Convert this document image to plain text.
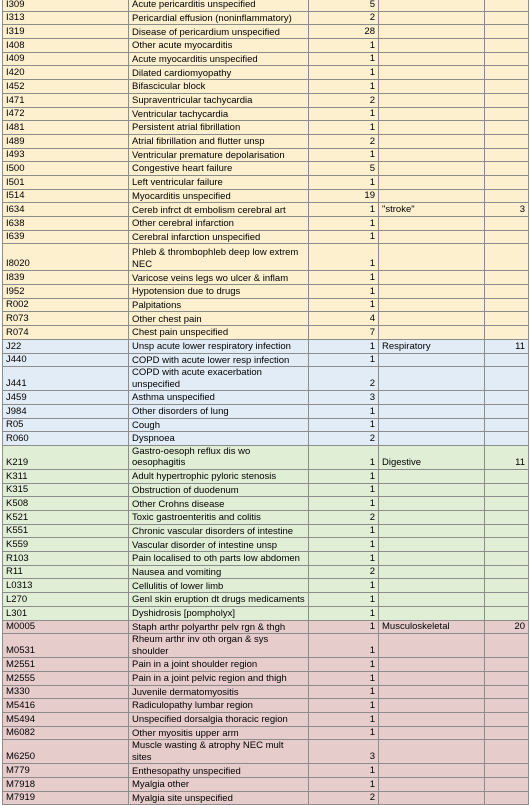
I309	Acute pericarditis unspecified	5		
I313	Pericardial effusion (noninflammatory)	2		
I319	Disease of pericardium unspecified	28		
I408	Other acute myocarditis	1		
I409	Acute myocarditis unspecified	1		
I420	Dilated cardiomyopathy	1		
I452	Bifascicular block	1		
I471	Supraventricular tachycardia	2		
I472	Ventricular tachycardia	1		
I481	Persistent atrial fibrillation	1		
I489	Atrial fibrillation and flutter unsp	2		
I493	Ventricular premature depolarisation	1		
I500	Congestive heart failure	5		
I501	Left ventricular failure	1		
I514	Myocarditis unspecified	19		
I634	Cereb infrct dt embolism cerebral art	1	"stroke"	3
I638	Other cerebral infarction	1		
I639	Cerebral infarction unspecified	1		
I8020	Phleb & thrombophleb deep low extrem NEC	1		
I839	Varicose veins legs wo ulcer & inflam	1		
I952	Hypotension due to drugs	1		
R002	Palpitations	1		
R073	Other chest pain	4		
R074	Chest pain unspecified	7		
J22	Unsp acute lower respiratory infection	1	Respiratory	11
J440	COPD with acute lower resp infection	1		
J441	COPD with acute exacerbation unspecified	2		
J459	Asthma unspecified	3		
J984	Other disorders of lung	1		
R05	Cough	1		
R060	Dyspnoea	2		
K219	Gastro-oesoph reflux dis wo oesophagitis	1	Digestive	11
K311	Adult hypertrophic pyloric stenosis	1		
K315	Obstruction of duodenum	1		
K508	Other Crohns disease	1		
K521	Toxic gastroenteritis and colitis	2		
K551	Chronic vascular disorders of intestine	1		
K559	Vascular disorder of intestine unsp	1		
R103	Pain localised to oth parts low abdomen	1		
R11	Nausea and vomiting	2		
L0313	Cellulitis of lower limb	1		
L270	Genl skin eruption dt drugs medicaments	1		
L301	Dyshidrosis [pompholyx]	1		
M0005	Staph arthr polyarthr pelv rgn & thgh	1	Musculoskeletal	20
M0531	Rheum arthr inv oth organ & sys shoulder	1		
M2551	Pain in a joint shoulder region	1		
M2555	Pain in a joint pelvic region and thigh	1		
M330	Juvenile dermatomyositis	1		
M5416	Radiculopathy lumbar region	1		
M5494	Unspecified dorsalgia thoracic region	1		
M6082	Other myositis upper arm	1		
M6250	Muscle wasting & atrophy NEC mult sites	3		
M779	Enthesopathy unspecified	1		
M7918	Myalgia other	1		
M7919	Myalgia site unspecified	2		
